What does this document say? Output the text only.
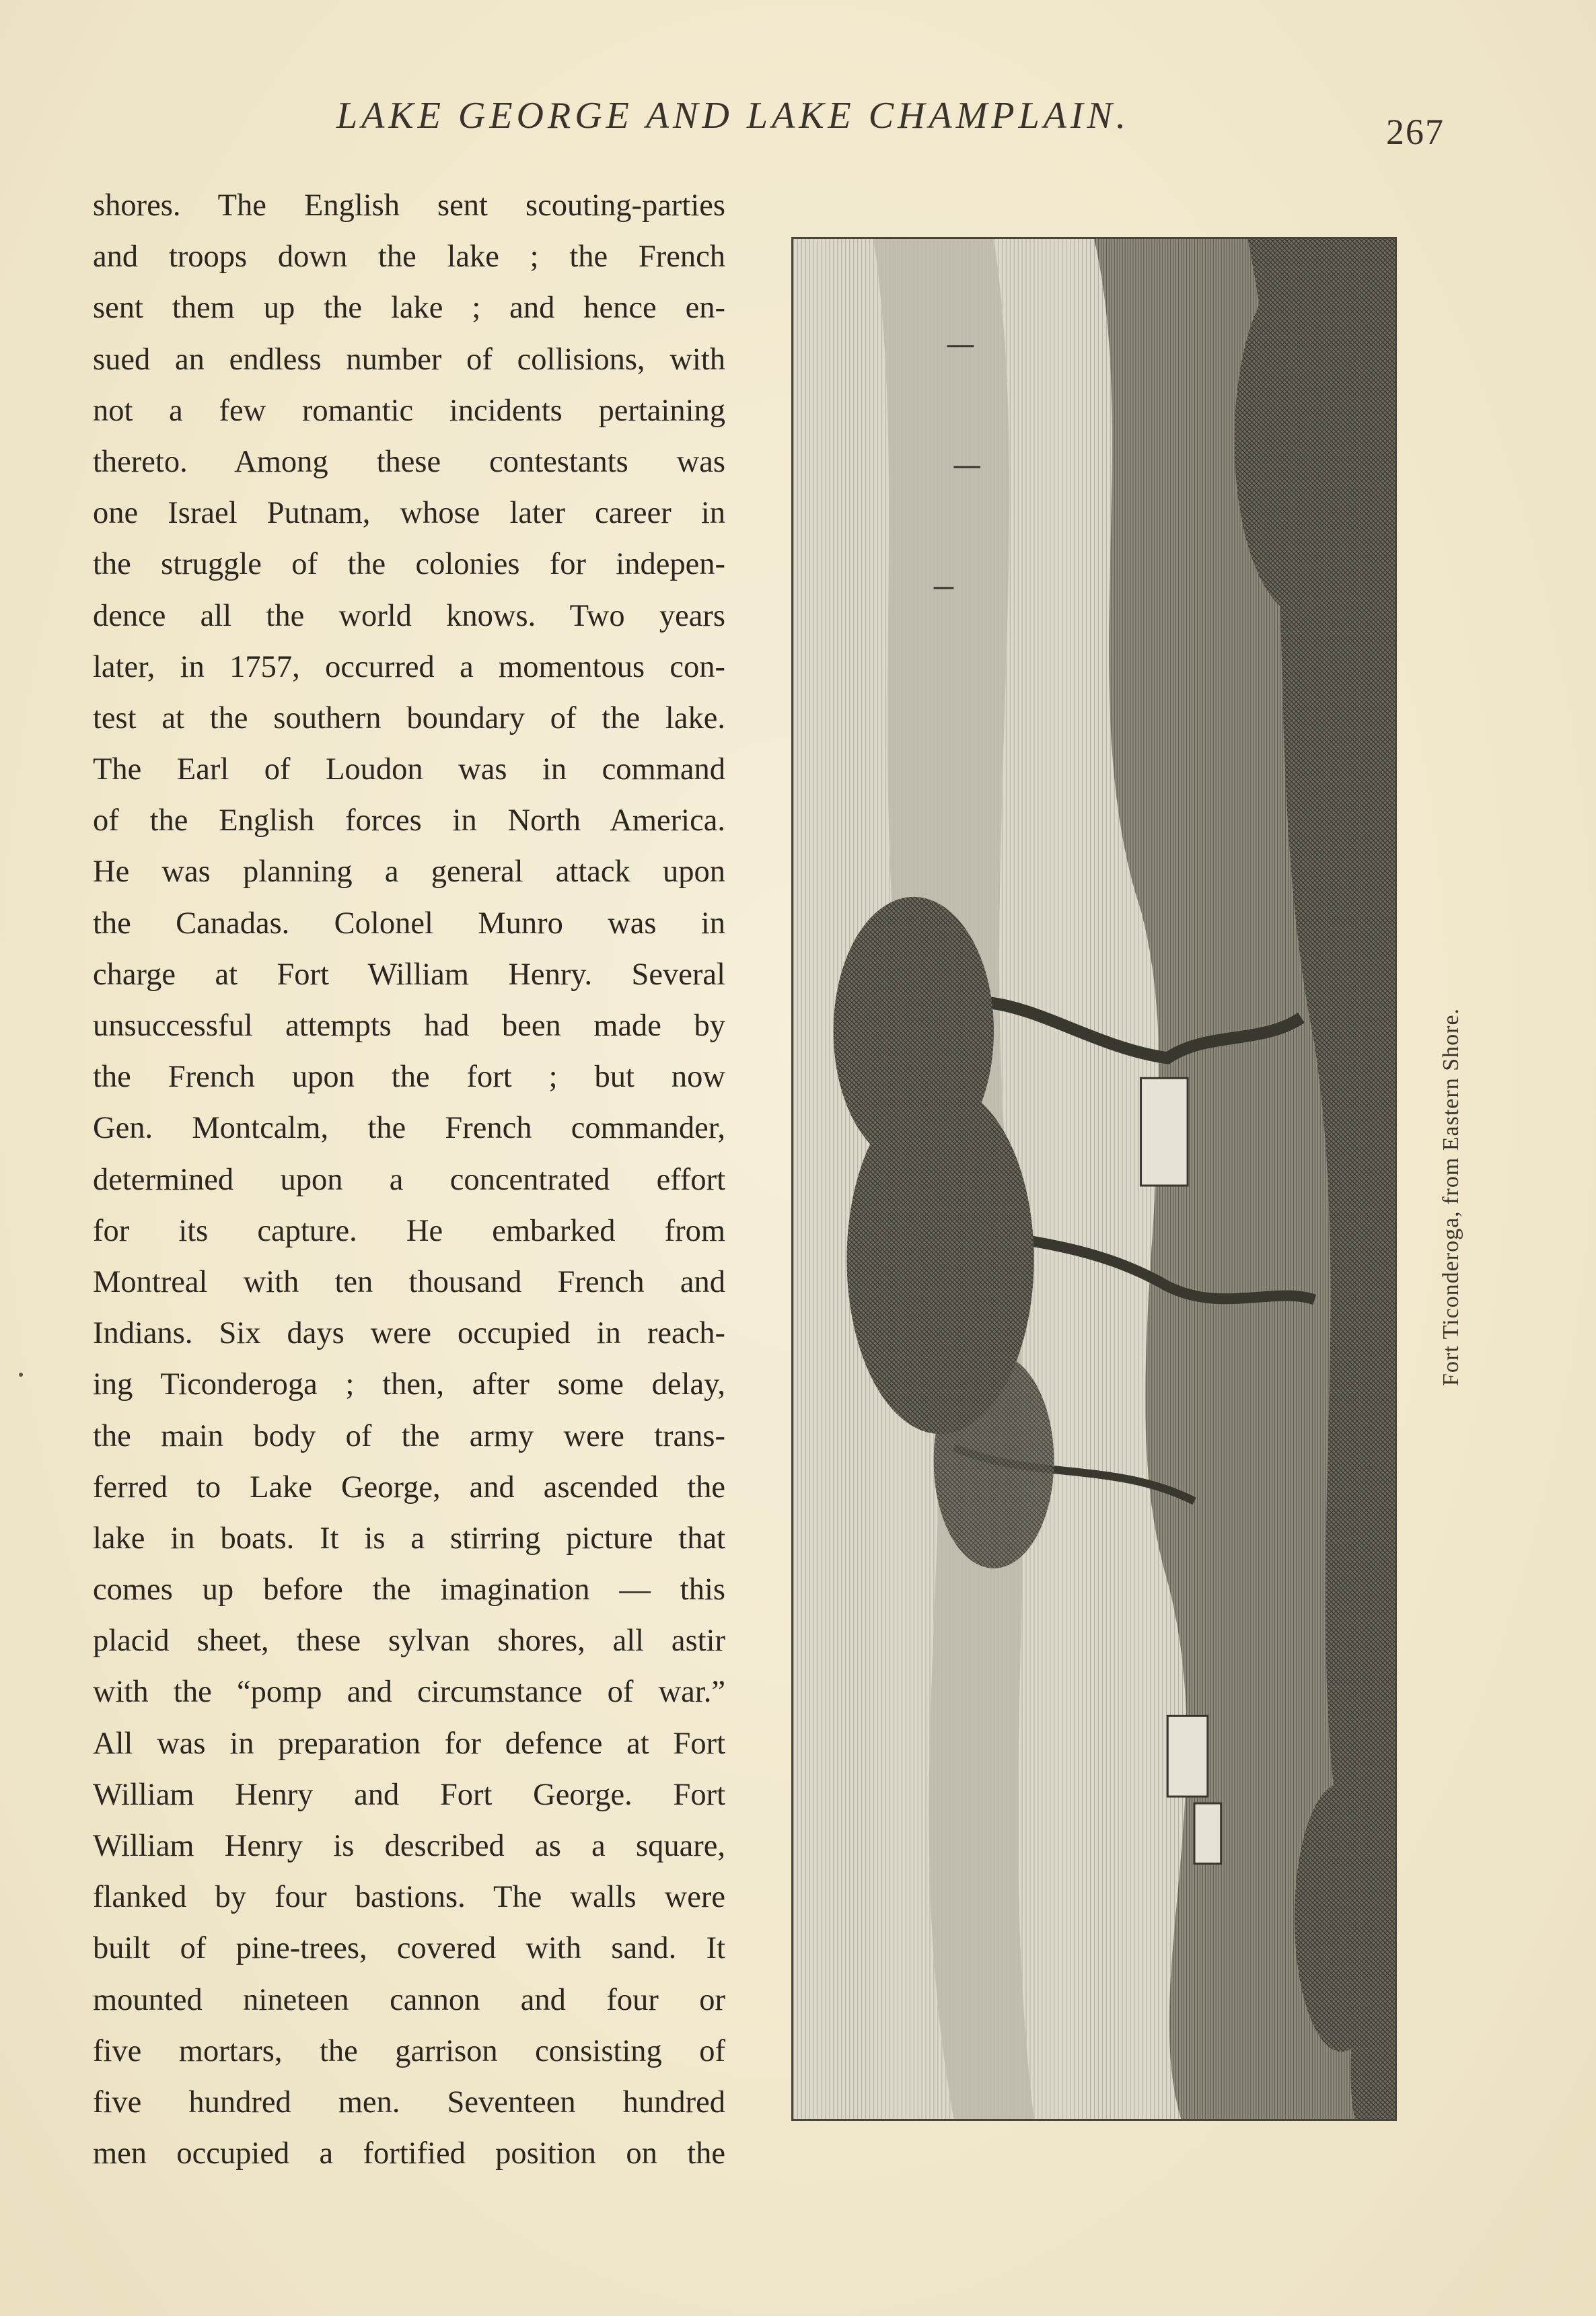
LAKE GEORGE AND LAKE CHAMPLAIN.	267
shores. The English sent scouting-parties
and troops down the lake ; the French
sent them up the lake ; and hence en-
sued an endless number of collisions, with
not a few romantic incidents pertaining
thereto. Among these contestants was
one Israel Putnam, whose later career in
the struggle of the colonies for indepen-
dence all the world knows. Two years
later, in 1757, occurred a momentous con-
test at the southern boundary of the lake.
The Earl of Loudon was in command
of the English forces in North America.
He was planning a general attack upon
the Canadas. Colonel Munro was in
charge at Fort William Henry. Several
unsuccessful attempts had been made by
the French upon the fort ; but now
Gen. Montcalm, the French commander,
determined upon a concentrated effort
for its capture. He embarked from
Montreal with ten thousand French and
Indians. Six days were occupied in reach-
ing Ticonderoga ; then, after some delay,
the main body of the army were trans-
ferred to Lake George, and ascended the
lake in boats. It is a stirring picture that
comes up before the imagination — this
placid sheet, these sylvan shores, all astir
with the “pomp and circumstance of war.”
All was in preparation for defence at Fort
William Henry and Fort George. Fort
William Henry is described as a square,
flanked by four bastions. The walls were
built of pine-trees, covered with sand. It
mounted nineteen cannon and four or
five mortars, the garrison consisting of
five hundred men. Seventeen hundred
men occupied a fortified position on the
Fort Ticonderoga, from Eastern Shore.
